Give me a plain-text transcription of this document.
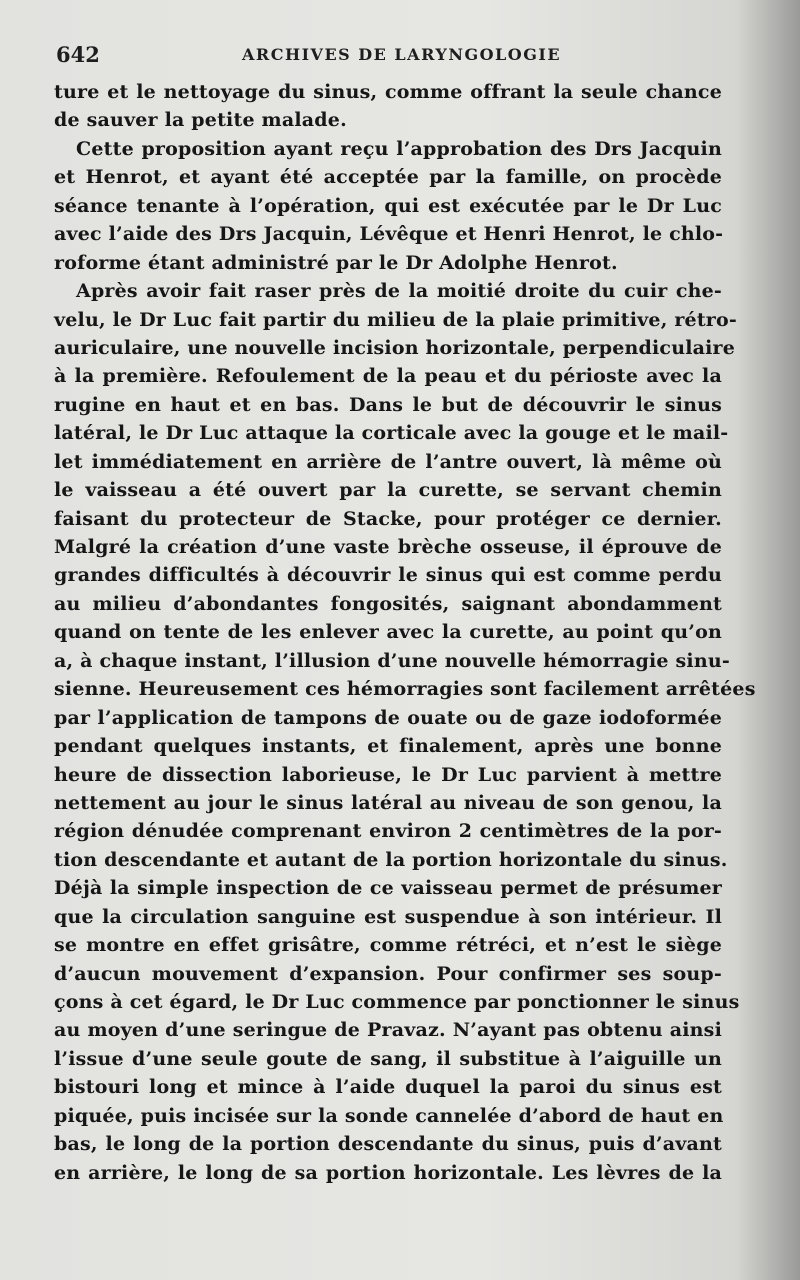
642	ARCHIVES DE LARYNGOLOGIE
ture et le nettoyage du sinus, comme offrant la seule chance
de sauver la petite malade.
Cette proposition ayant reçu l’approbation des Drs Jacquin
et Henrot, et ayant été acceptée par la famille, on procède
séance tenante à l’opération, qui est exécutée par le Dr Luc
avec l’aide des Drs Jacquin, Lévêque et Henri Henrot, le chlo-
roforme étant administré par le Dr Adolphe Henrot.
Après avoir fait raser près de la moitié droite du cuir che-
velu, le Dr Luc fait partir du milieu de la plaie primitive, rétro-
auriculaire, une nouvelle incision horizontale, perpendiculaire
à la première. Refoulement de la peau et du périoste avec la
rugine en haut et en bas. Dans le but de découvrir le sinus
latéral, le Dr Luc attaque la corticale avec la gouge et le mail-
let immédiatement en arrière de l’antre ouvert, là même où
le vaisseau a été ouvert par la curette, se servant chemin
faisant du protecteur de Stacke, pour protéger ce dernier.
Malgré la création d’une vaste brèche osseuse, il éprouve de
grandes difficultés à découvrir le sinus qui est comme perdu
au milieu d’abondantes fongosités, saignant abondamment
quand on tente de les enlever avec la curette, au point qu’on
a, à chaque instant, l’illusion d’une nouvelle hémorragie sinu-
sienne. Heureusement ces hémorragies sont facilement arrêtées
par l’application de tampons de ouate ou de gaze iodoformée
pendant quelques instants, et finalement, après une bonne
heure de dissection laborieuse, le Dr Luc parvient à mettre
nettement au jour le sinus latéral au niveau de son genou, la
région dénudée comprenant environ 2 centimètres de la por-
tion descendante et autant de la portion horizontale du sinus.
Déjà la simple inspection de ce vaisseau permet de présumer
que la circulation sanguine est suspendue à son intérieur. Il
se montre en effet grisâtre, comme rétréci, et n’est le siège
d’aucun mouvement d’expansion. Pour confirmer ses soup-
çons à cet égard, le Dr Luc commence par ponctionner le sinus
au moyen d’une seringue de Pravaz. N’ayant pas obtenu ainsi
l’issue d’une seule goute de sang, il substitue à l’aiguille un
bistouri long et mince à l’aide duquel la paroi du sinus est
piquée, puis incisée sur la sonde cannelée d’abord de haut en
bas, le long de la portion descendante du sinus, puis d’avant
en arrière, le long de sa portion horizontale. Les lèvres de la
